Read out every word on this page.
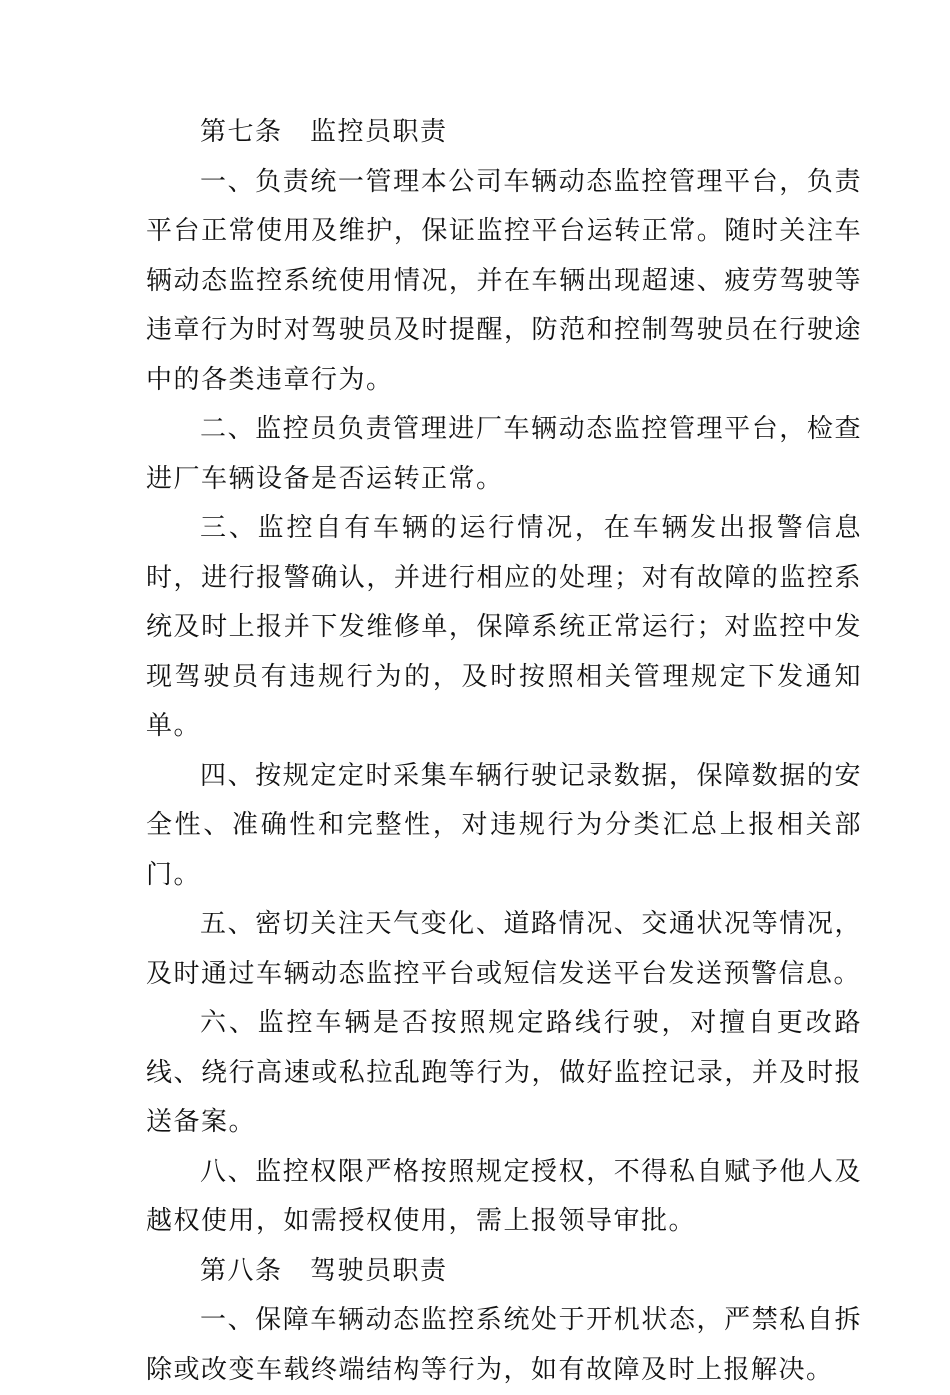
第七条　监控员职责

一、负责统一管理本公司车辆动态监控管理平台，负责平台正常使用及维护，保证监控平台运转正常。随时关注车辆动态监控系统使用情况，并在车辆出现超速、疲劳驾驶等违章行为时对驾驶员及时提醒，防范和控制驾驶员在行驶途中的各类违章行为。

二、监控员负责管理进厂车辆动态监控管理平台，检查进厂车辆设备是否运转正常。

三、监控自有车辆的运行情况，在车辆发出报警信息时，进行报警确认，并进行相应的处理；对有故障的监控系统及时上报并下发维修单，保障系统正常运行；对监控中发现驾驶员有违规行为的，及时按照相关管理规定下发通知单。

四、按规定定时采集车辆行驶记录数据，保障数据的安全性、准确性和完整性，对违规行为分类汇总上报相关部门。

五、密切关注天气变化、道路情况、交通状况等情况，及时通过车辆动态监控平台或短信发送平台发送预警信息。

六、监控车辆是否按照规定路线行驶，对擅自更改路线、绕行高速或私拉乱跑等行为，做好监控记录，并及时报送备案。

八、监控权限严格按照规定授权，不得私自赋予他人及越权使用，如需授权使用，需上报领导审批。

第八条　驾驶员职责

一、保障车辆动态监控系统处于开机状态，严禁私自拆除或改变车载终端结构等行为，如有故障及时上报解决。
